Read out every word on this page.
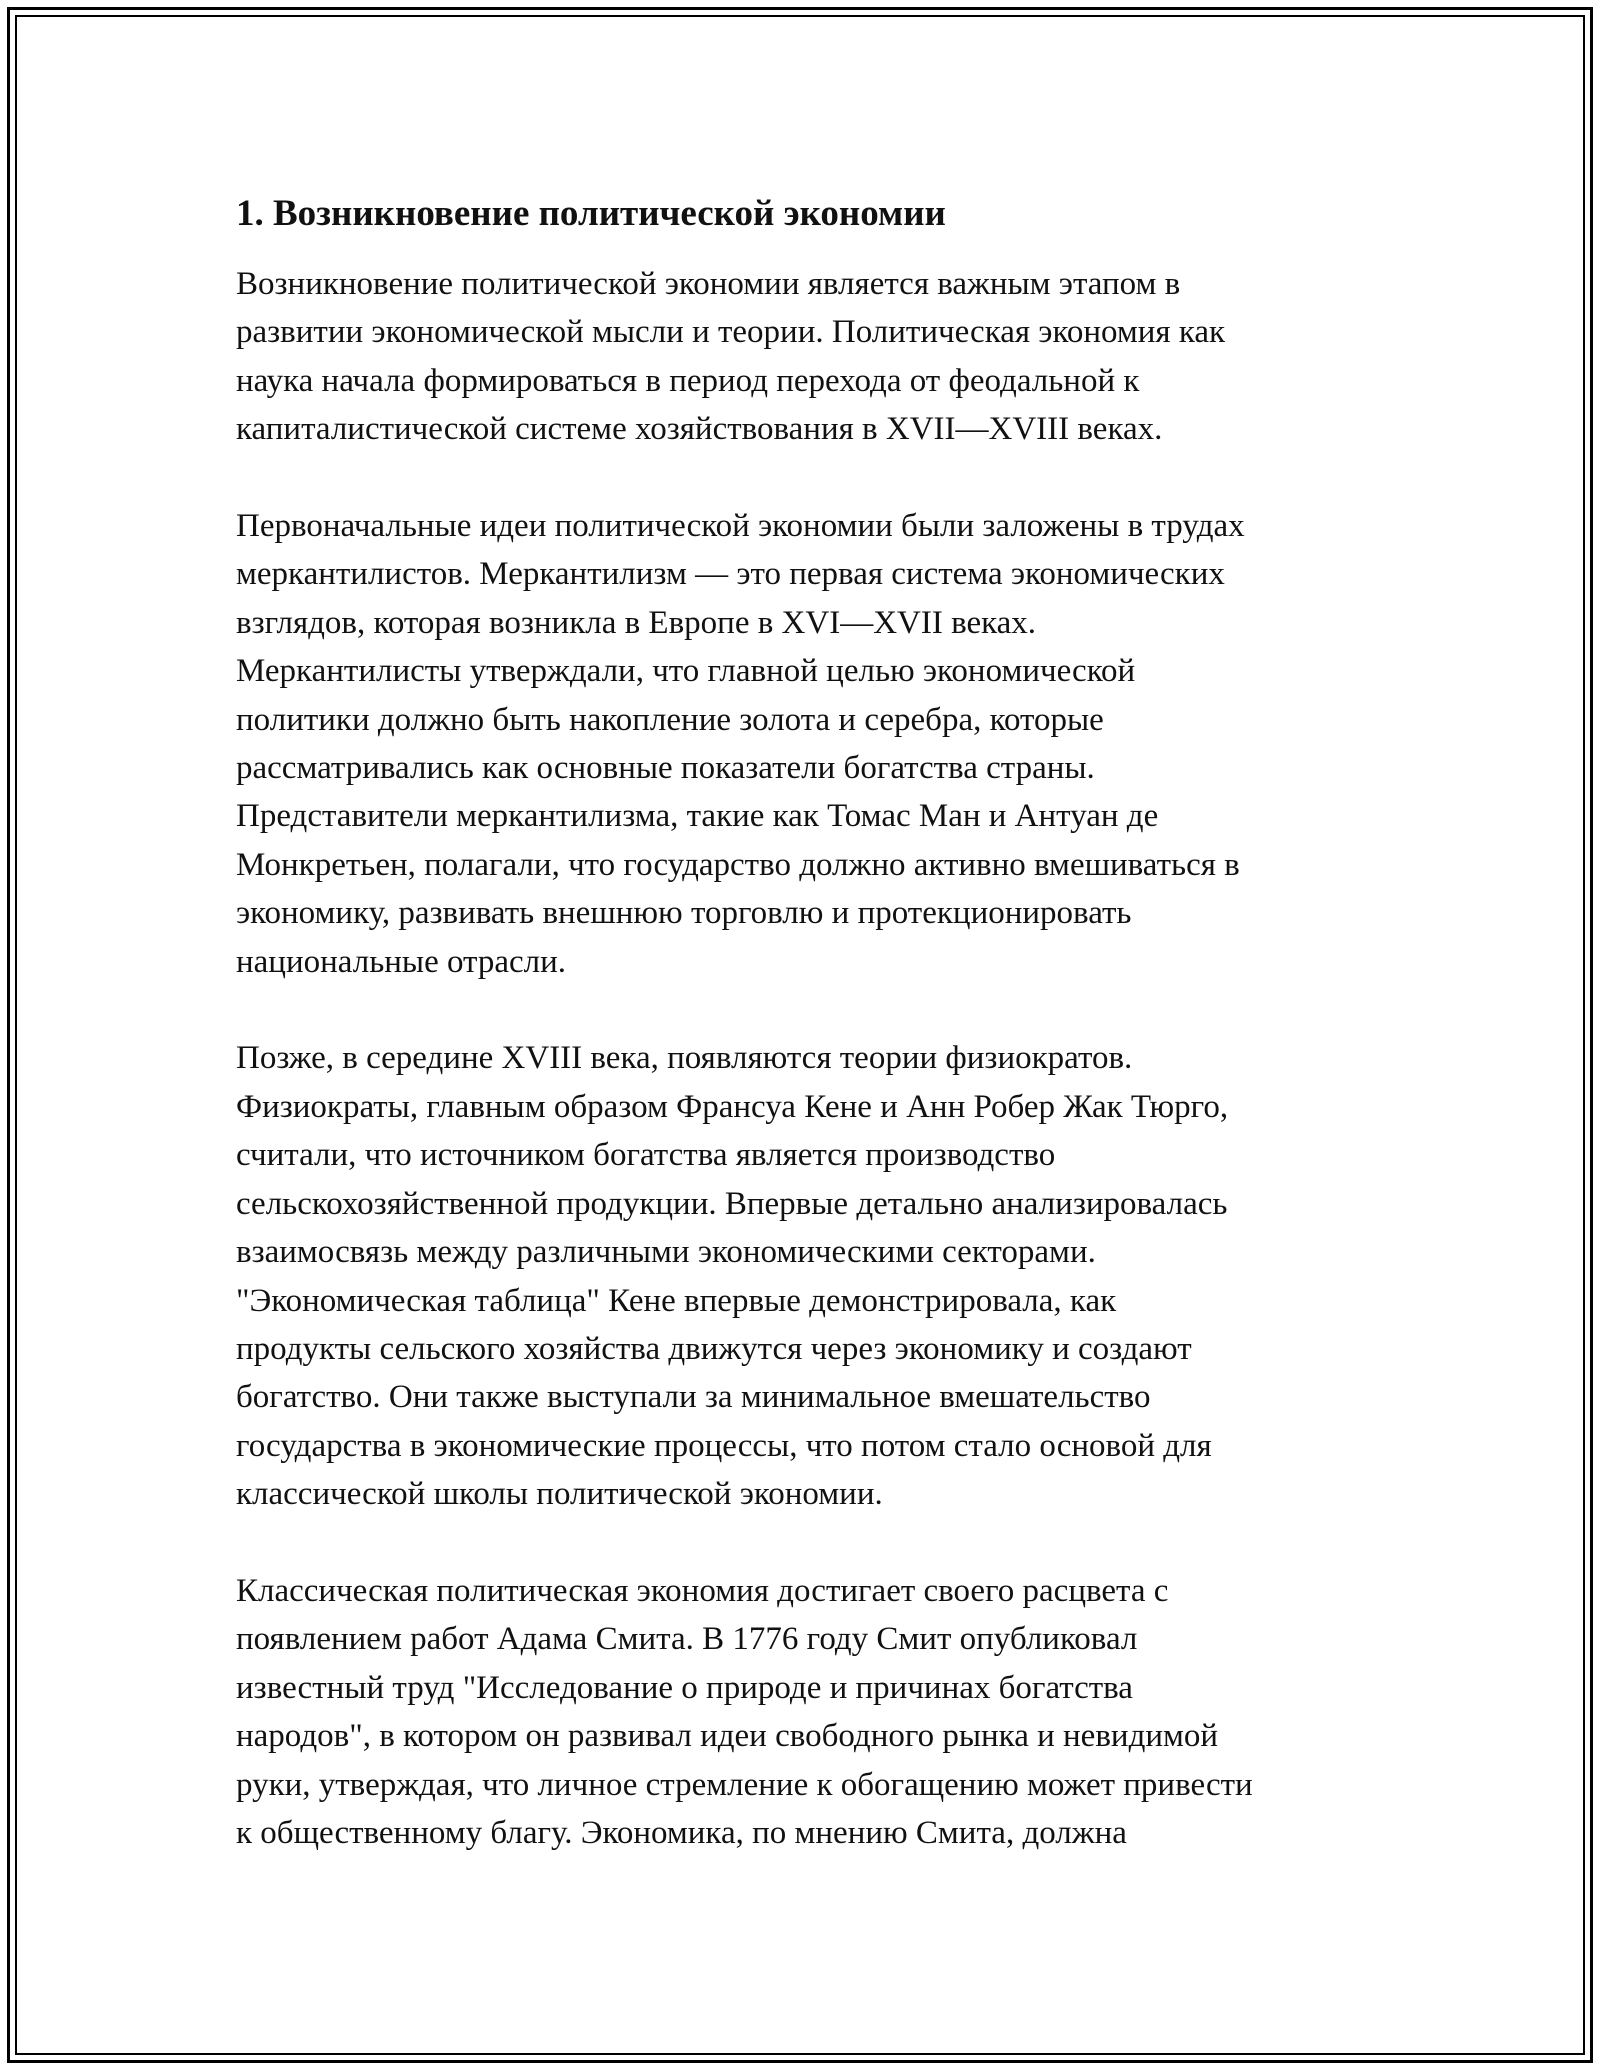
1. Возникновение политической экономии

Возникновение политической экономии является важным этапом в
развитии экономической мысли и теории. Политическая экономия как
наука начала формироваться в период перехода от феодальной к
капиталистической системе хозяйствования в XVII—XVIII веках.

Первоначальные идеи политической экономии были заложены в трудах
меркантилистов. Меркантилизм — это первая система экономических
взглядов, которая возникла в Европе в XVI—XVII веках.
Меркантилисты утверждали, что главной целью экономической
политики должно быть накопление золота и серебра, которые
рассматривались как основные показатели богатства страны.
Представители меркантилизма, такие как Томас Ман и Антуан де
Монкретьен, полагали, что государство должно активно вмешиваться в
экономику, развивать внешнюю торговлю и протекционировать
национальные отрасли.

Позже, в середине XVIII века, появляются теории физиократов.
Физиократы, главным образом Франсуа Кене и Анн Робер Жак Тюрго,
считали, что источником богатства является производство
сельскохозяйственной продукции. Впервые детально анализировалась
взаимосвязь между различными экономическими секторами.
"Экономическая таблица" Кене впервые демонстрировала, как
продукты сельского хозяйства движутся через экономику и создают
богатство. Они также выступали за минимальное вмешательство
государства в экономические процессы, что потом стало основой для
классической школы политической экономии.

Классическая политическая экономия достигает своего расцвета с
появлением работ Адама Смита. В 1776 году Смит опубликовал
известный труд "Исследование о природе и причинах богатства
народов", в котором он развивал идеи свободного рынка и невидимой
руки, утверждая, что личное стремление к обогащению может привести
к общественному благу. Экономика, по мнению Смита, должна
